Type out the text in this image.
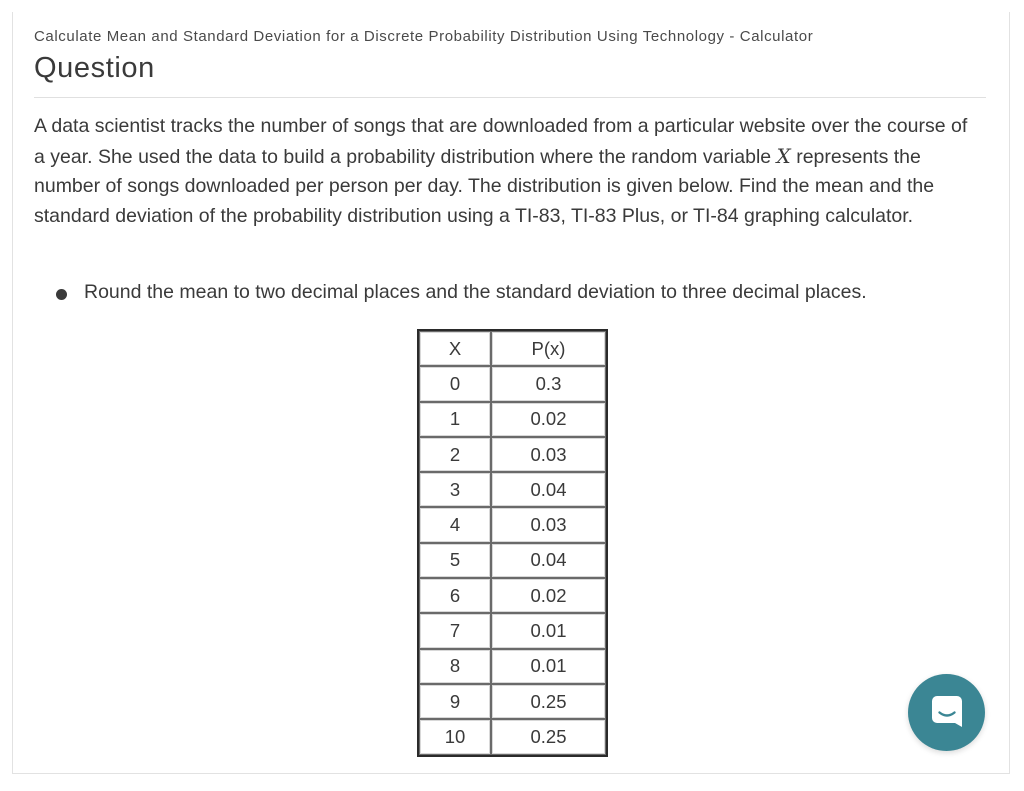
Calculate Mean and Standard Deviation for a Discrete Probability Distribution Using Technology - Calculator
Question
A data scientist tracks the number of songs that are downloaded from a particular website over the course of a year. She used the data to build a probability distribution where the random variable X represents the number of songs downloaded per person per day. The distribution is given below. Find the mean and the standard deviation of the probability distribution using a TI-83, TI-83 Plus, or TI-84 graphing calculator.
Round the mean to two decimal places and the standard deviation to three decimal places.
X	P(x)
0	0.3
1	0.02
2	0.03
3	0.04
4	0.03
5	0.04
6	0.02
7	0.01
8	0.01
9	0.25
10	0.25
